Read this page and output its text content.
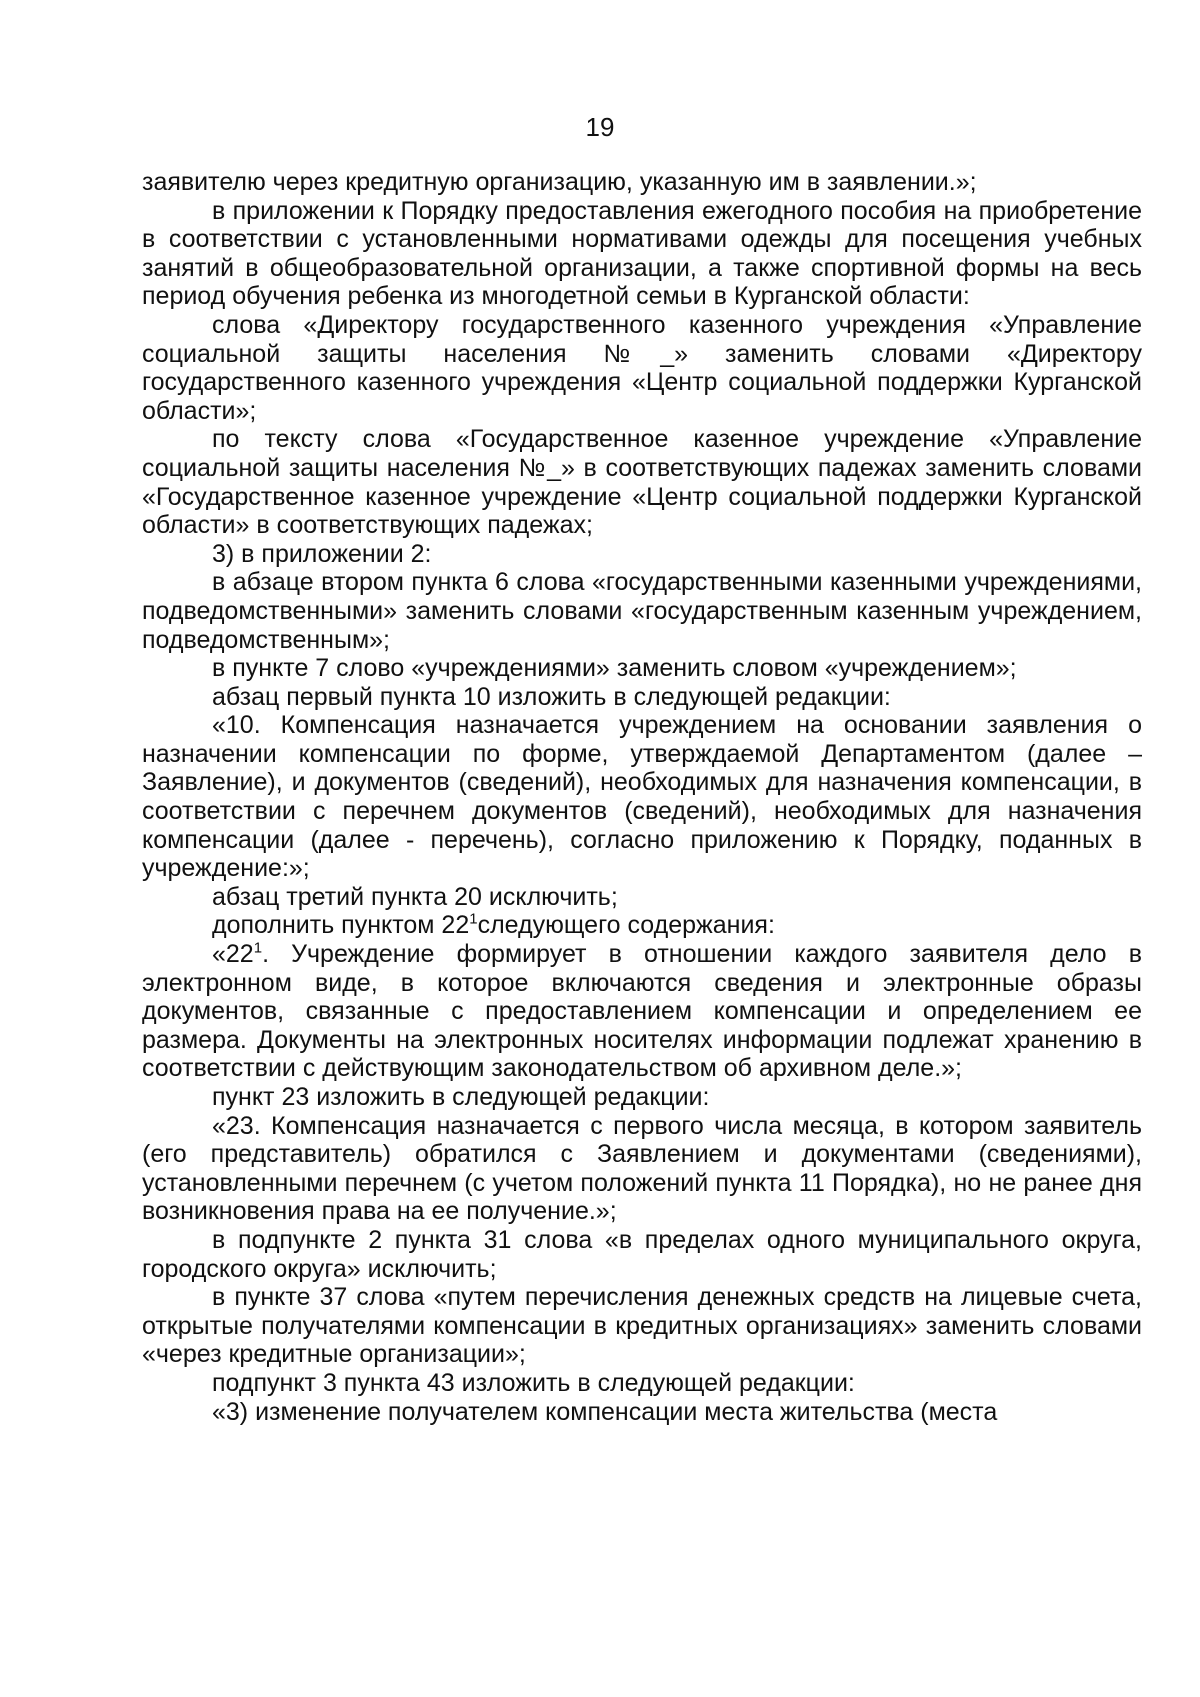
19

заявителю через кредитную организацию, указанную им в заявлении.»;

в приложении к Порядку предоставления ежегодного пособия на приобретение в соответствии с установленными нормативами одежды для посещения учебных занятий в общеобразовательной организации, а также спортивной формы на весь период обучения ребенка из многодетной семьи в Курганской области:

слова «Директору государственного казенного учреждения «Управление социальной защиты населения №_» заменить словами «Директору государственного казенного учреждения «Центр социальной поддержки Курганской области»;

по тексту слова «Государственное казенное учреждение «Управление социальной защиты населения №_» в соответствующих падежах заменить словами «Государственное казенное учреждение «Центр социальной поддержки Курганской области» в соответствующих падежах;

3) в приложении 2:

в абзаце втором пункта 6 слова «государственными казенными учреждениями, подведомственными» заменить словами «государственным казенным учреждением, подведомственным»;

в пункте 7 слово «учреждениями» заменить словом «учреждением»;

абзац первый пункта 10 изложить в следующей редакции:

«10. Компенсация назначается учреждением на основании заявления о назначении компенсации по форме, утверждаемой Департаментом (далее – Заявление), и документов (сведений), необходимых для назначения компенсации, в соответствии с перечнем документов (сведений), необходимых для назначения компенсации (далее - перечень), согласно приложению к Порядку, поданных в учреждение:»;

абзац третий пункта 20 исключить;

дополнить пунктом $22^1следующего$ содержания:

«$22^1$. Учреждение формирует в отношении каждого заявителя дело в электронном виде, в которое включаются сведения и электронные образы документов, связанные с предоставлением компенсации и определением ее размера. Документы на электронных носителях информации подлежат хранению в соответствии с действующим законодательством об архивном деле.»;

пункт 23 изложить в следующей редакции:

«23. Компенсация назначается с первого числа месяца, в котором заявитель (его представитель) обратился с Заявлением и документами (сведениями), установленными перечнем (с учетом положений пункта 11 Порядка), но не ранее дня возникновения права на ее получение.»;

в подпункте 2 пункта 31 слова «в пределах одного муниципального округа, городского округа» исключить;

в пункте 37 слова «путем перечисления денежных средств на лицевые счета, открытые получателями компенсации в кредитных организациях» заменить словами «через кредитные организации»;

подпункт 3 пункта 43 изложить в следующей редакции:

«3) изменение получателем компенсации места жительства (места
